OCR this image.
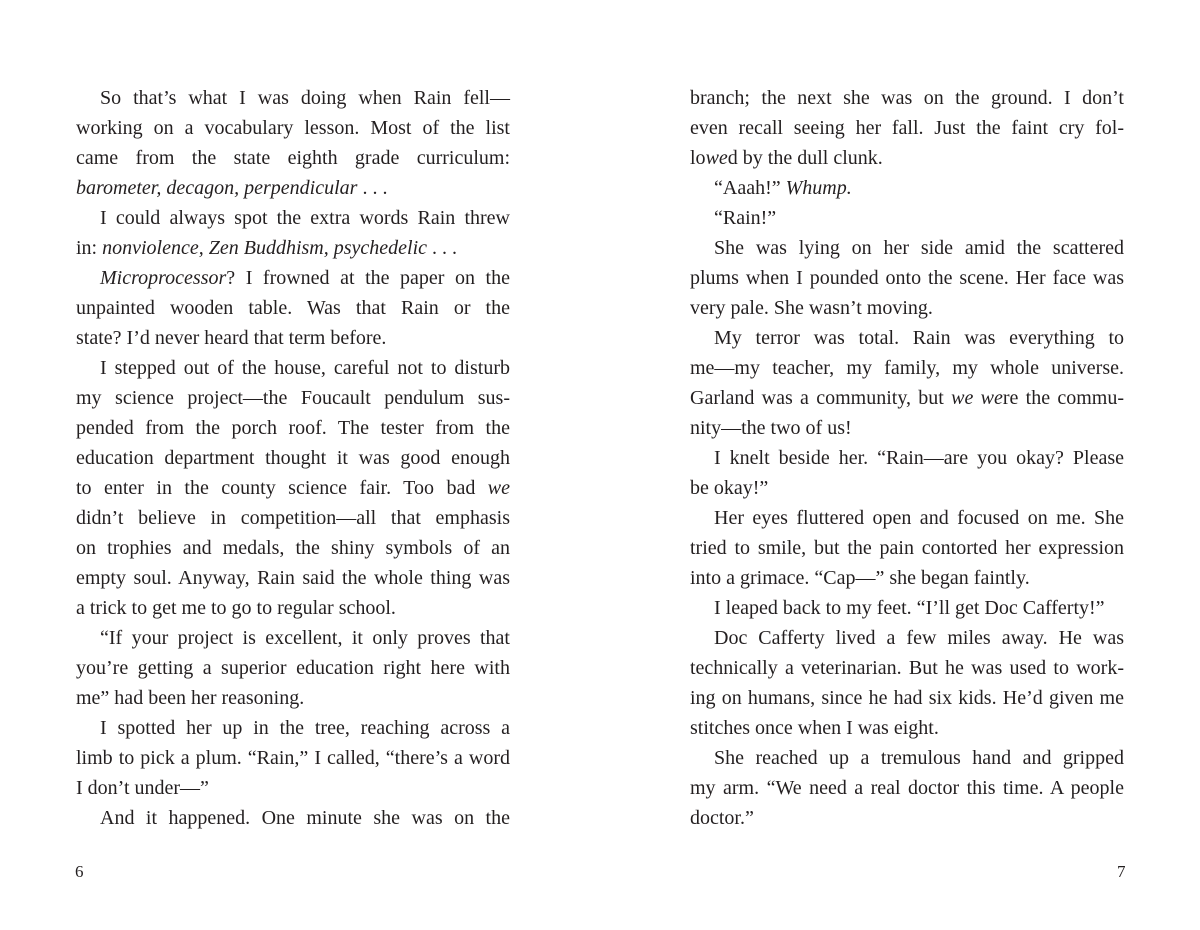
So that’s what I was doing when Rain fell—
working on a vocabulary lesson. Most of the list
came from the state eighth grade curriculum:
barometer, decagon, perpendicular . . .
I could always spot the extra words Rain threw
in: nonviolence, Zen Buddhism, psychedelic . . .
Microprocessor? I frowned at the paper on the
unpainted wooden table. Was that Rain or the
state? I’d never heard that term before.
I stepped out of the house, careful not to disturb
my science project—the Foucault pendulum sus-
pended from the porch roof. The tester from the
education department thought it was good enough
to enter in the county science fair. Too bad we
didn’t believe in competition—all that emphasis
on trophies and medals, the shiny symbols of an
empty soul. Anyway, Rain said the whole thing was
a trick to get me to go to regular school.
“If your project is excellent, it only proves that
you’re getting a superior education right here with
me” had been her reasoning.
I spotted her up in the tree, reaching across a
limb to pick a plum. “Rain,” I called, “there’s a word
I don’t under—”
And it happened. One minute she was on the
branch; the next she was on the ground. I don’t
even recall seeing her fall. Just the faint cry fol-
lowed by the dull clunk.
“Aaah!” Whump.
“Rain!”
She was lying on her side amid the scattered
plums when I pounded onto the scene. Her face was
very pale. She wasn’t moving.
My terror was total. Rain was everything to
me—my teacher, my family, my whole universe.
Garland was a community, but we were the commu-
nity—the two of us!
I knelt beside her. “Rain—are you okay? Please
be okay!”
Her eyes fluttered open and focused on me. She
tried to smile, but the pain contorted her expression
into a grimace. “Cap—” she began faintly.
I leaped back to my feet. “I’ll get Doc Cafferty!”
Doc Cafferty lived a few miles away. He was
technically a veterinarian. But he was used to work-
ing on humans, since he had six kids. He’d given me
stitches once when I was eight.
She reached up a tremulous hand and gripped
my arm. “We need a real doctor this time. A people
doctor.”
6	7
